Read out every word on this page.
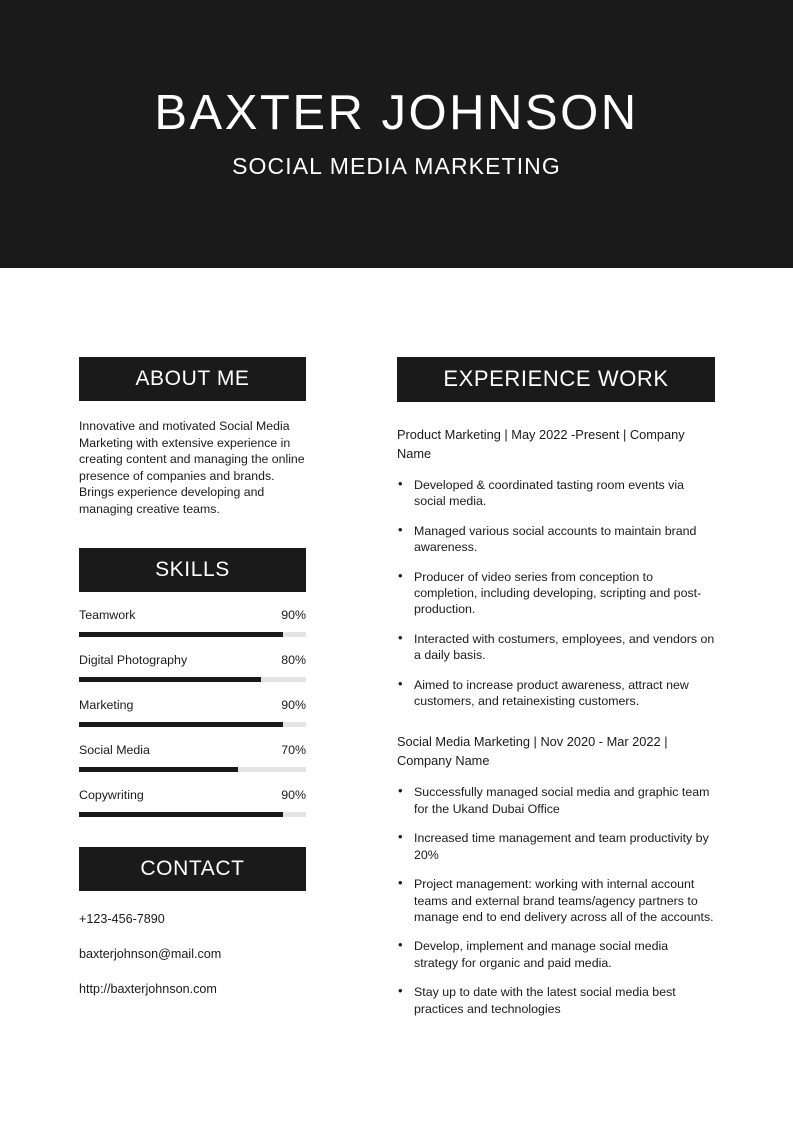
BAXTER JOHNSON
SOCIAL MEDIA MARKETING
ABOUT ME
Innovative and motivated Social Media Marketing with extensive experience in creating content and managing the online presence of companies and brands. Brings experience developing and managing creative teams.
SKILLS
Teamwork	90%
Digital Photography	80%
Marketing	90%
Social Media	70%
Copywriting	90%
CONTACT
+123-456-7890
baxterjohnson@mail.com
http://baxterjohnson.com
EXPERIENCE WORK
Product Marketing | May 2022 -Present | Company Name
• Developed & coordinated tasting room events via social media.
• Managed various social accounts to maintain brand awareness.
• Producer of video series from conception to completion, including developing, scripting and post-production.
• Interacted with costumers, employees, and vendors on a daily basis.
• Aimed to increase product awareness, attract new customers, and retainexisting customers.
Social Media Marketing | Nov 2020 - Mar 2022 | Company Name
• Successfully managed social media and graphic team for the Ukand Dubai Office
• Increased time management and team productivity by 20%
• Project management: working with internal account teams and external brand teams/agency partners to manage end to end delivery across all of the accounts.
• Develop, implement and manage social media strategy for organic and paid media.
• Stay up to date with the latest social media best practices and technologies
